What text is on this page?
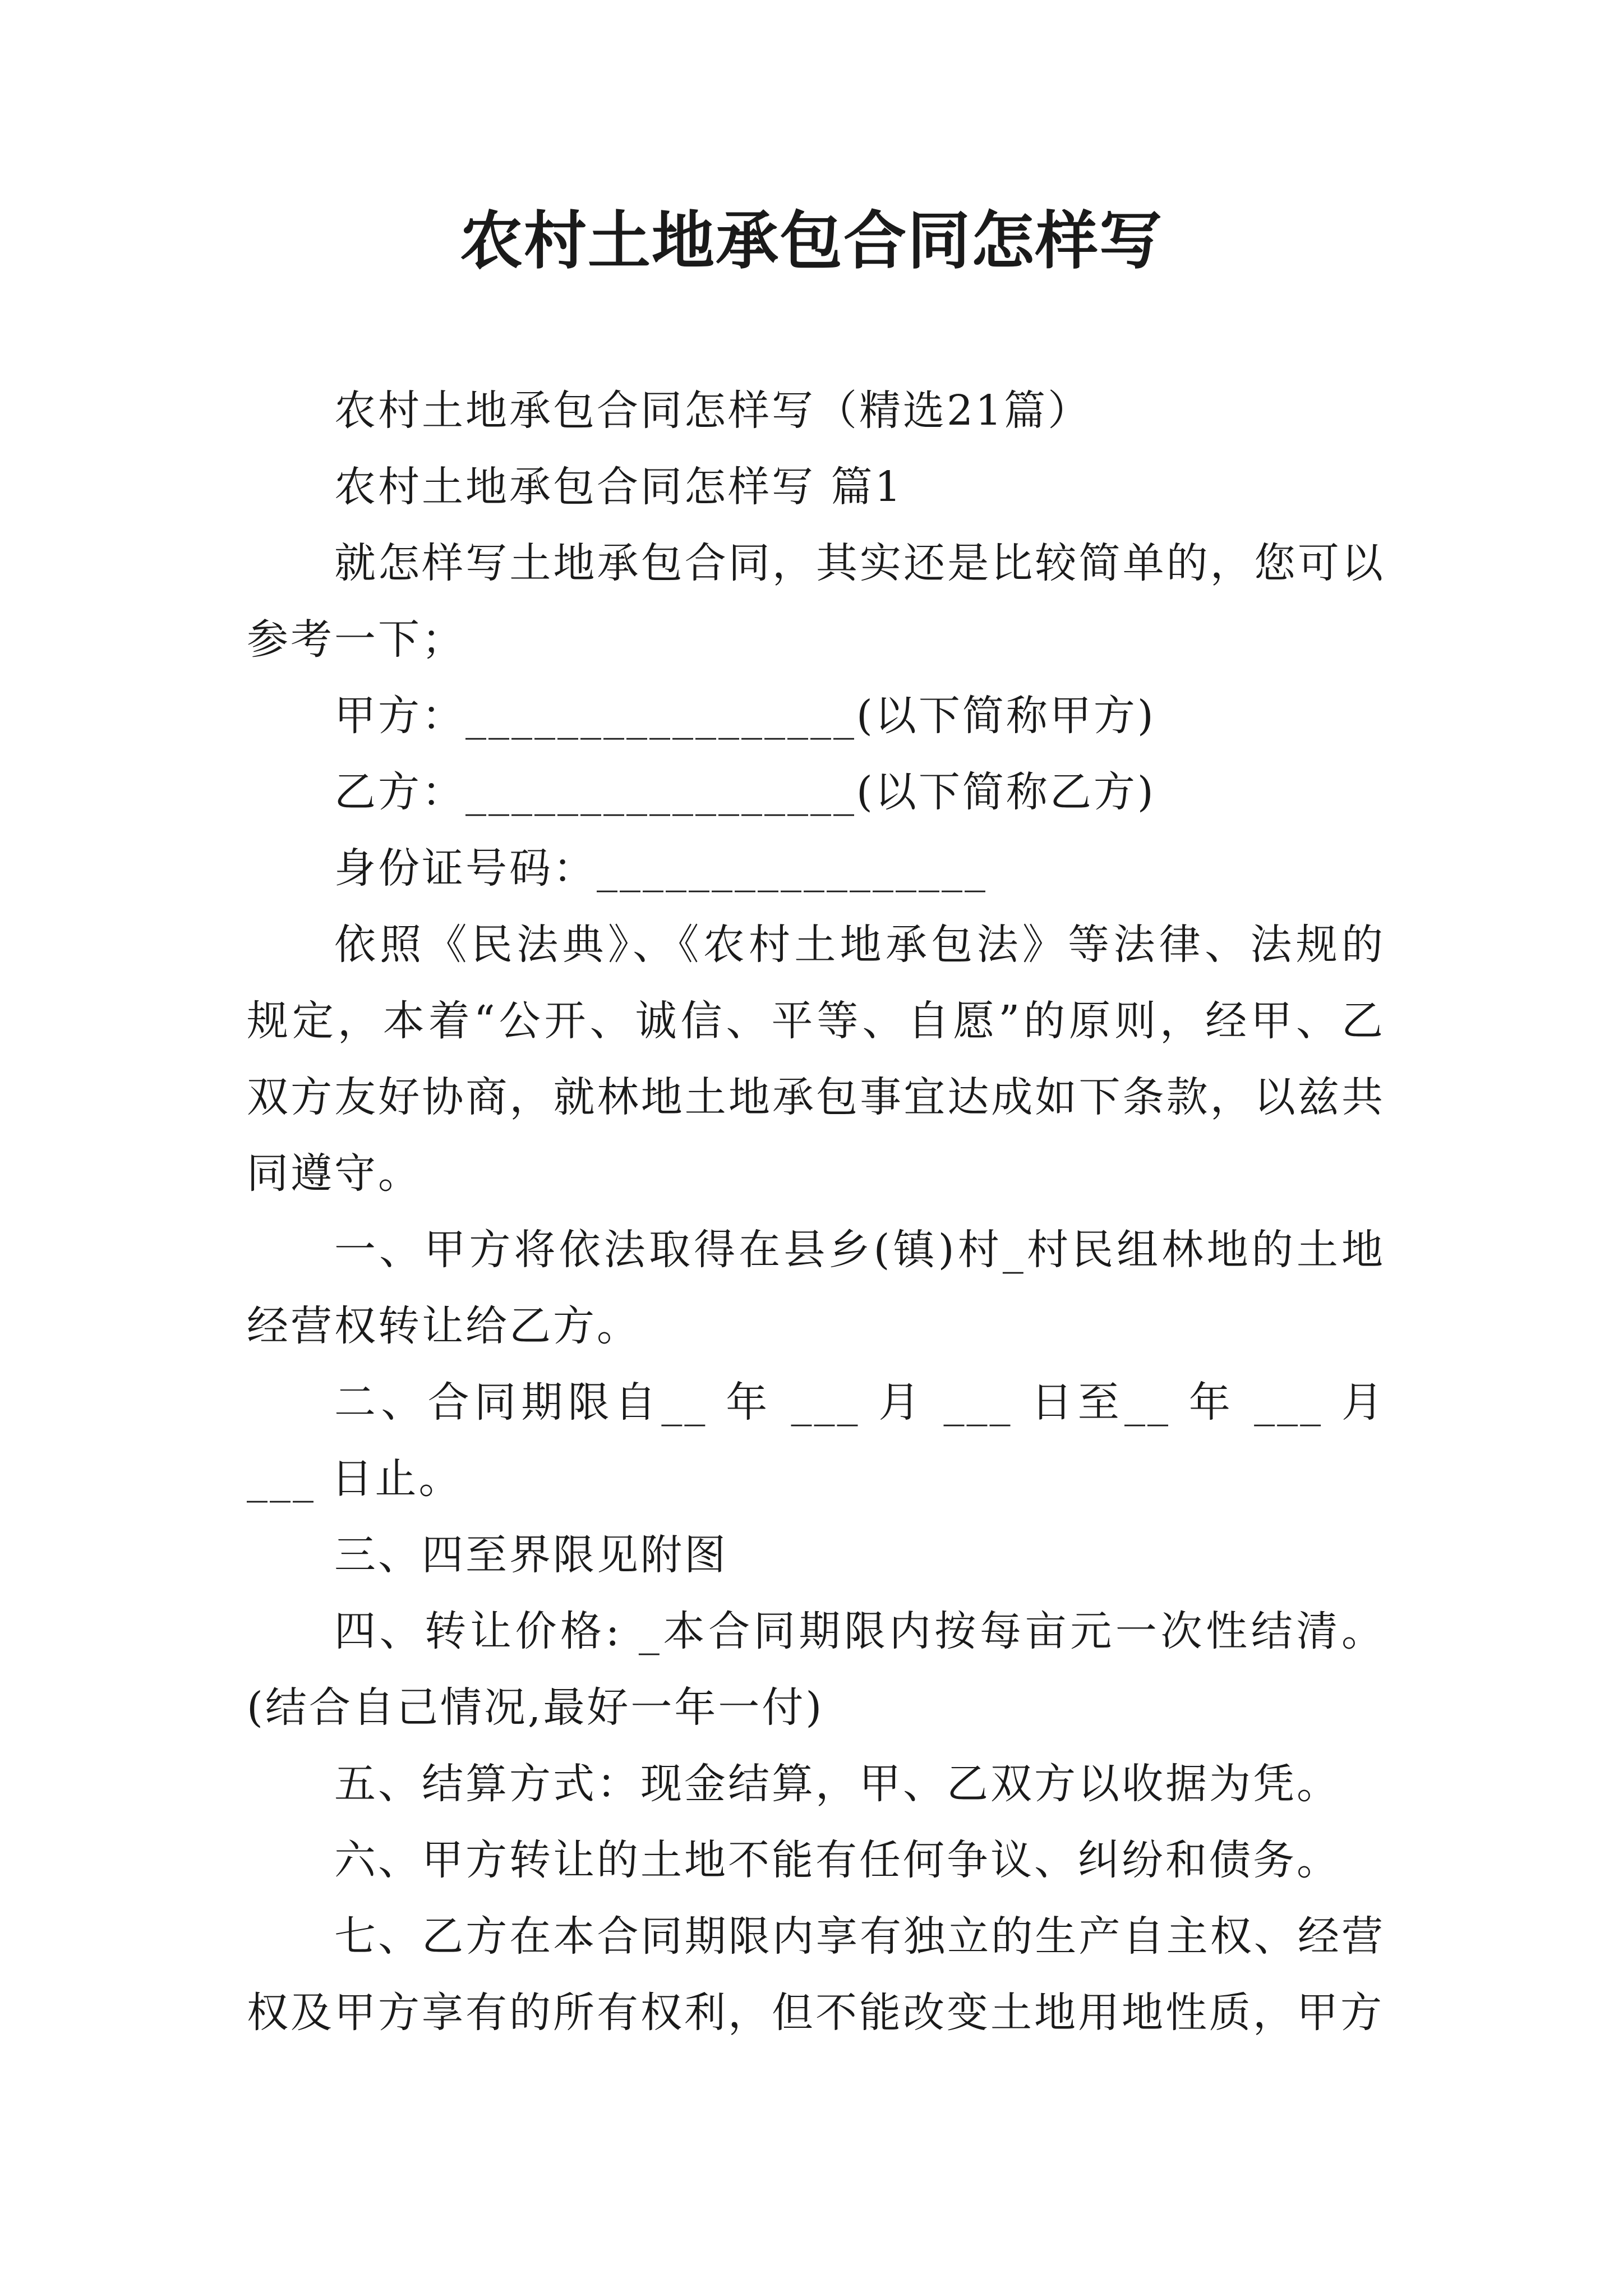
农村土地承包合同怎样写

农村土地承包合同怎样写（精选21篇）

农村土地承包合同怎样写 篇1

就怎样写土地承包合同，其实还是比较简单的，您可以参考一下；

甲方：_________________(以下简称甲方)

乙方：_________________(以下简称乙方)

身份证号码：_________________

依照《民法典》、《农村土地承包法》等法律、法规的规定，本着“公开、诚信、平等、自愿”的原则，经甲、乙双方友好协商，就林地土地承包事宜达成如下条款，以兹共同遵守。

一、甲方将依法取得在县乡(镇)村_村民组林地的土地经营权转让给乙方。

二、合同期限自__ 年 ___ 月 ___ 日至__ 年 ___ 月 ___ 日止。

三、四至界限见附图

四、转让价格: _本合同期限内按每亩元一次性结清。(结合自己情况,最好一年一付)

五、结算方式：现金结算，甲、乙双方以收据为凭。

六、甲方转让的土地不能有任何争议、纠纷和债务。

七、乙方在本合同期限内享有独立的生产自主权、经营权及甲方享有的所有权利，但不能改变土地用地性质，甲方
